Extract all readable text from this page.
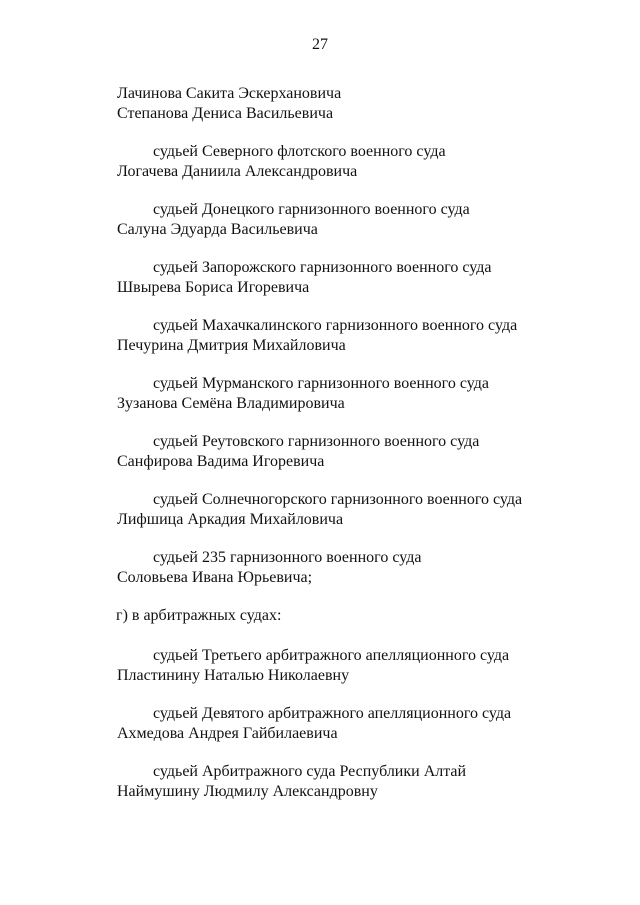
27
Лачинова Сакита Эскерхановича
Степанова Дениса Васильевича
судьей Северного флотского военного суда
Логачева Даниила Александровича
судьей Донецкого гарнизонного военного суда
Салуна Эдуарда Васильевича
судьей Запорожского гарнизонного военного суда
Швырева Бориса Игоревича
судьей Махачкалинского гарнизонного военного суда
Печурина Дмитрия Михайловича
судьей Мурманского гарнизонного военного суда
Зузанова Семёна Владимировича
судьей Реутовского гарнизонного военного суда
Санфирова Вадима Игоревича
судьей Солнечногорского гарнизонного военного суда
Лифшица Аркадия Михайловича
судьей 235 гарнизонного военного суда
Соловьева Ивана Юрьевича;
г) в арбитражных судах:
судьей Третьего арбитражного апелляционного суда
Пластинину Наталью Николаевну
судьей Девятого арбитражного апелляционного суда
Ахмедова Андрея Гайбилаевича
судьей Арбитражного суда Республики Алтай
Наймушину Людмилу Александровну
